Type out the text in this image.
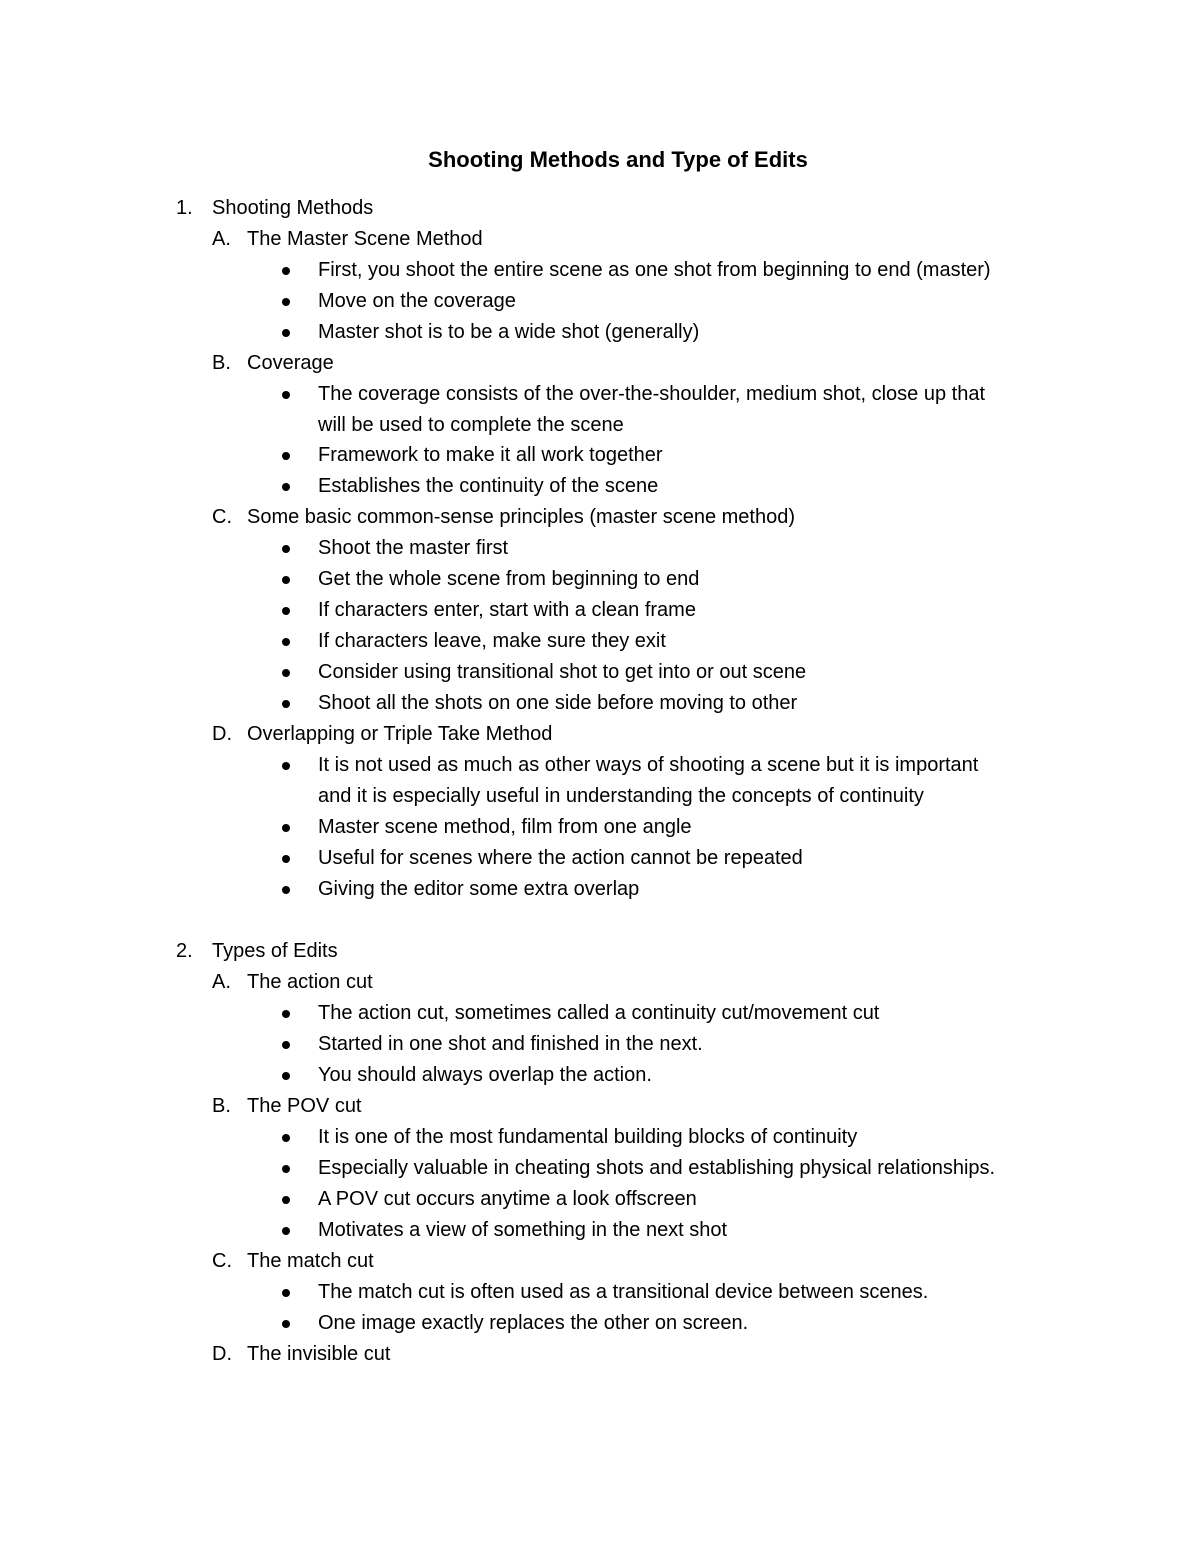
Shooting Methods and Type of Edits
1. Shooting Methods
A. The Master Scene Method
First, you shoot the entire scene as one shot from beginning to end (master)
Move on the coverage
Master shot is to be a wide shot (generally)
B. Coverage
The coverage consists of the over-the-shoulder, medium shot, close up that
will be used to complete the scene
Framework to make it all work together
Establishes the continuity of the scene
C. Some basic common-sense principles (master scene method)
Shoot the master first
Get the whole scene from beginning to end
If characters enter, start with a clean frame
If characters leave, make sure they exit
Consider using transitional shot to get into or out scene
Shoot all the shots on one side before moving to other
D. Overlapping or Triple Take Method
It is not used as much as other ways of shooting a scene but it is important
and it is especially useful in understanding the concepts of continuity
Master scene method, film from one angle
Useful for scenes where the action cannot be repeated
Giving the editor some extra overlap
2. Types of Edits
A. The action cut
The action cut, sometimes called a continuity cut/movement cut
Started in one shot and finished in the next.
You should always overlap the action.
B. The POV cut
It is one of the most fundamental building blocks of continuity
Especially valuable in cheating shots and establishing physical relationships.
A POV cut occurs anytime a look offscreen
Motivates a view of something in the next shot
C. The match cut
The match cut is often used as a transitional device between scenes.
One image exactly replaces the other on screen.
D. The invisible cut
